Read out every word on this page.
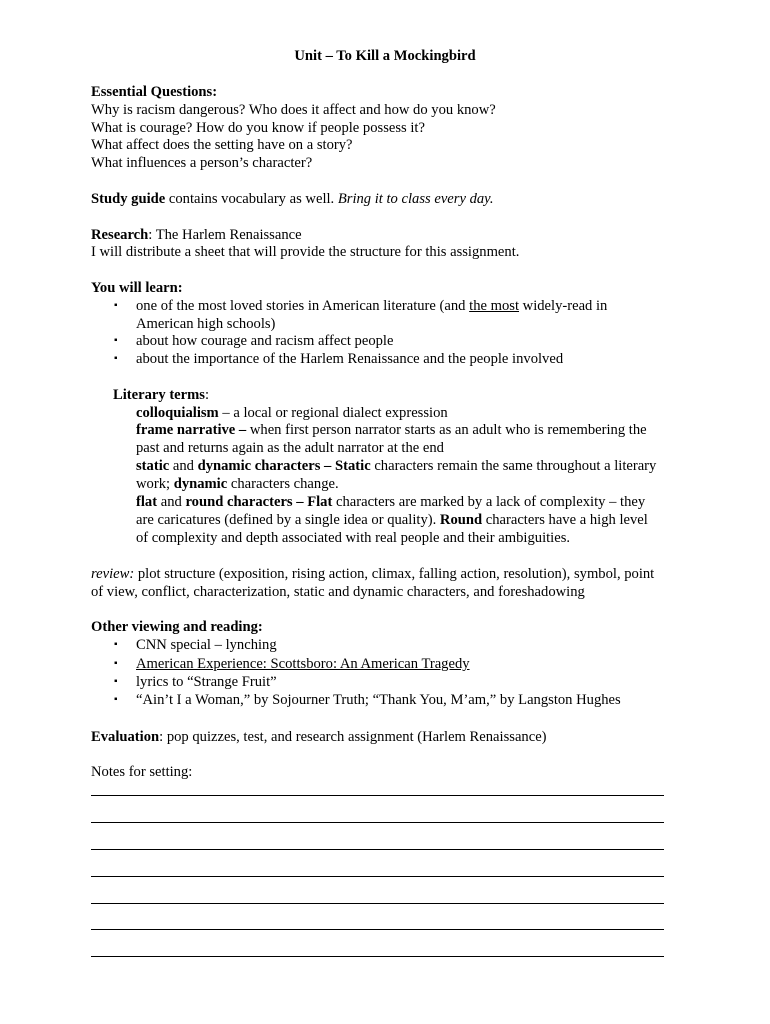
Unit – To Kill a Mockingbird
Essential Questions:
Why is racism dangerous? Who does it affect and how do you know?
What is courage? How do you know if people possess it?
What affect does the setting have on a story?
What influences a person’s character?
Study guide contains vocabulary as well. Bring it to class every day.
Research: The Harlem Renaissance
I will distribute a sheet that will provide the structure for this assignment.
You will learn:
▪ one of the most loved stories in American literature (and the most widely-read in
American high schools)
▪ about how courage and racism affect people
▪ about the importance of the Harlem Renaissance and the people involved
Literary terms:
colloquialism – a local or regional dialect expression
frame narrative – when first person narrator starts as an adult who is remembering the
past and returns again as the adult narrator at the end
static and dynamic characters – Static characters remain the same throughout a literary
work; dynamic characters change.
flat and round characters – Flat characters are marked by a lack of complexity – they
are caricatures (defined by a single idea or quality). Round characters have a high level
of complexity and depth associated with real people and their ambiguities.
review: plot structure (exposition, rising action, climax, falling action, resolution), symbol, point
of view, conflict, characterization, static and dynamic characters, and foreshadowing
Other viewing and reading:
▪ CNN special – lynching
▪ American Experience: Scottsboro: An American Tragedy
▪ lyrics to “Strange Fruit”
▪ “Ain’t I a Woman,” by Sojourner Truth; “Thank You, M’am,” by Langston Hughes
Evaluation: pop quizzes, test, and research assignment (Harlem Renaissance)
Notes for setting:
